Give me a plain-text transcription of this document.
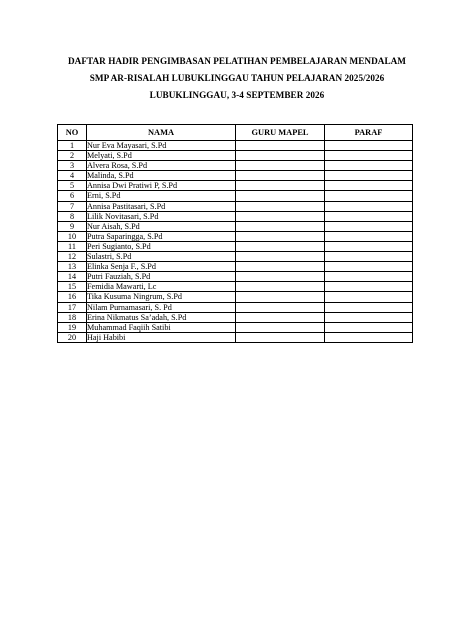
DAFTAR HADIR PENGIMBASAN PELATIHAN PEMBELAJARAN MENDALAM
SMP AR-RISALAH LUBUKLINGGAU TAHUN PELAJARAN 2025/2026
LUBUKLINGGAU, 3-4 SEPTEMBER 2026
NO	NAMA	GURU MAPEL	PARAF
1	Nur Eva Mayasari, S.Pd		
2	Melyati, S.Pd		
3	Alvera Rosa, S.Pd		
4	Malinda, S.Pd		
5	Annisa Dwi Pratiwi P, S.Pd		
6	Erni, S.Pd		
7	Annisa Pastitasari, S.Pd		
8	Lilik Novitasari, S.Pd		
9	Nur Aisah, S.Pd		
10	Putra Saparingga, S.Pd		
11	Peri Sugianto, S.Pd		
12	Sulastri, S.Pd		
13	Elinka Senja F., S.Pd		
14	Putri Fauziah, S.Pd		
15	Femidia Mawarti, Lc		
16	Tika Kusuma Ningrum, S.Pd		
17	Nilam Purnamasari, S. Pd		
18	Erina Nikmatus Sa’adah, S.Pd		
19	Muhammad Faqiih Satibi		
20	Haji Habibi		
